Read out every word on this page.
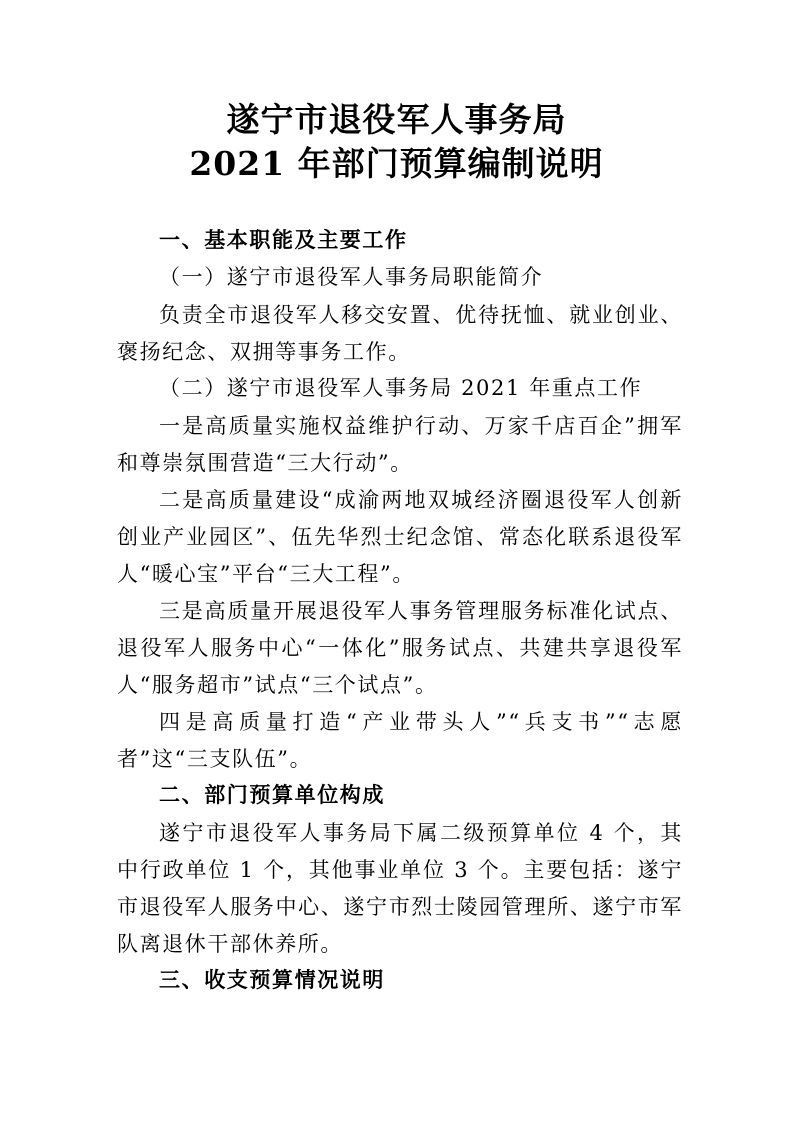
遂宁市退役军人事务局
2021 年部门预算编制说明
一、基本职能及主要工作
（一）遂宁市退役军人事务局职能简介

负责全市退役军人移交安置、优待抚恤、就业创业、褒扬纪念、双拥等事务工作。

（二）遂宁市退役军人事务局 2021 年重点工作

一是高质量实施权益维护行动、万家千店百企”拥军和尊崇氛围营造“三大行动”。

二是高质量建设“成渝两地双城经济圈退役军人创新创业产业园区”、伍先华烈士纪念馆、常态化联系退役军人“暖心宝”平台“三大工程”。

三是高质量开展退役军人事务管理服务标准化试点、退役军人服务中心“一体化”服务试点、共建共享退役军人“服务超市”试点“三个试点”。

四是高质量打造“产业带头人”“兵支书”“志愿者”这“三支队伍”。

二、部门预算单位构成

遂宁市退役军人事务局下属二级预算单位 4 个，其中行政单位 1 个，其他事业单位 3 个。主要包括：遂宁市退役军人服务中心、遂宁市烈士陵园管理所、遂宁市军队离退休干部休养所。

三、收支预算情况说明
